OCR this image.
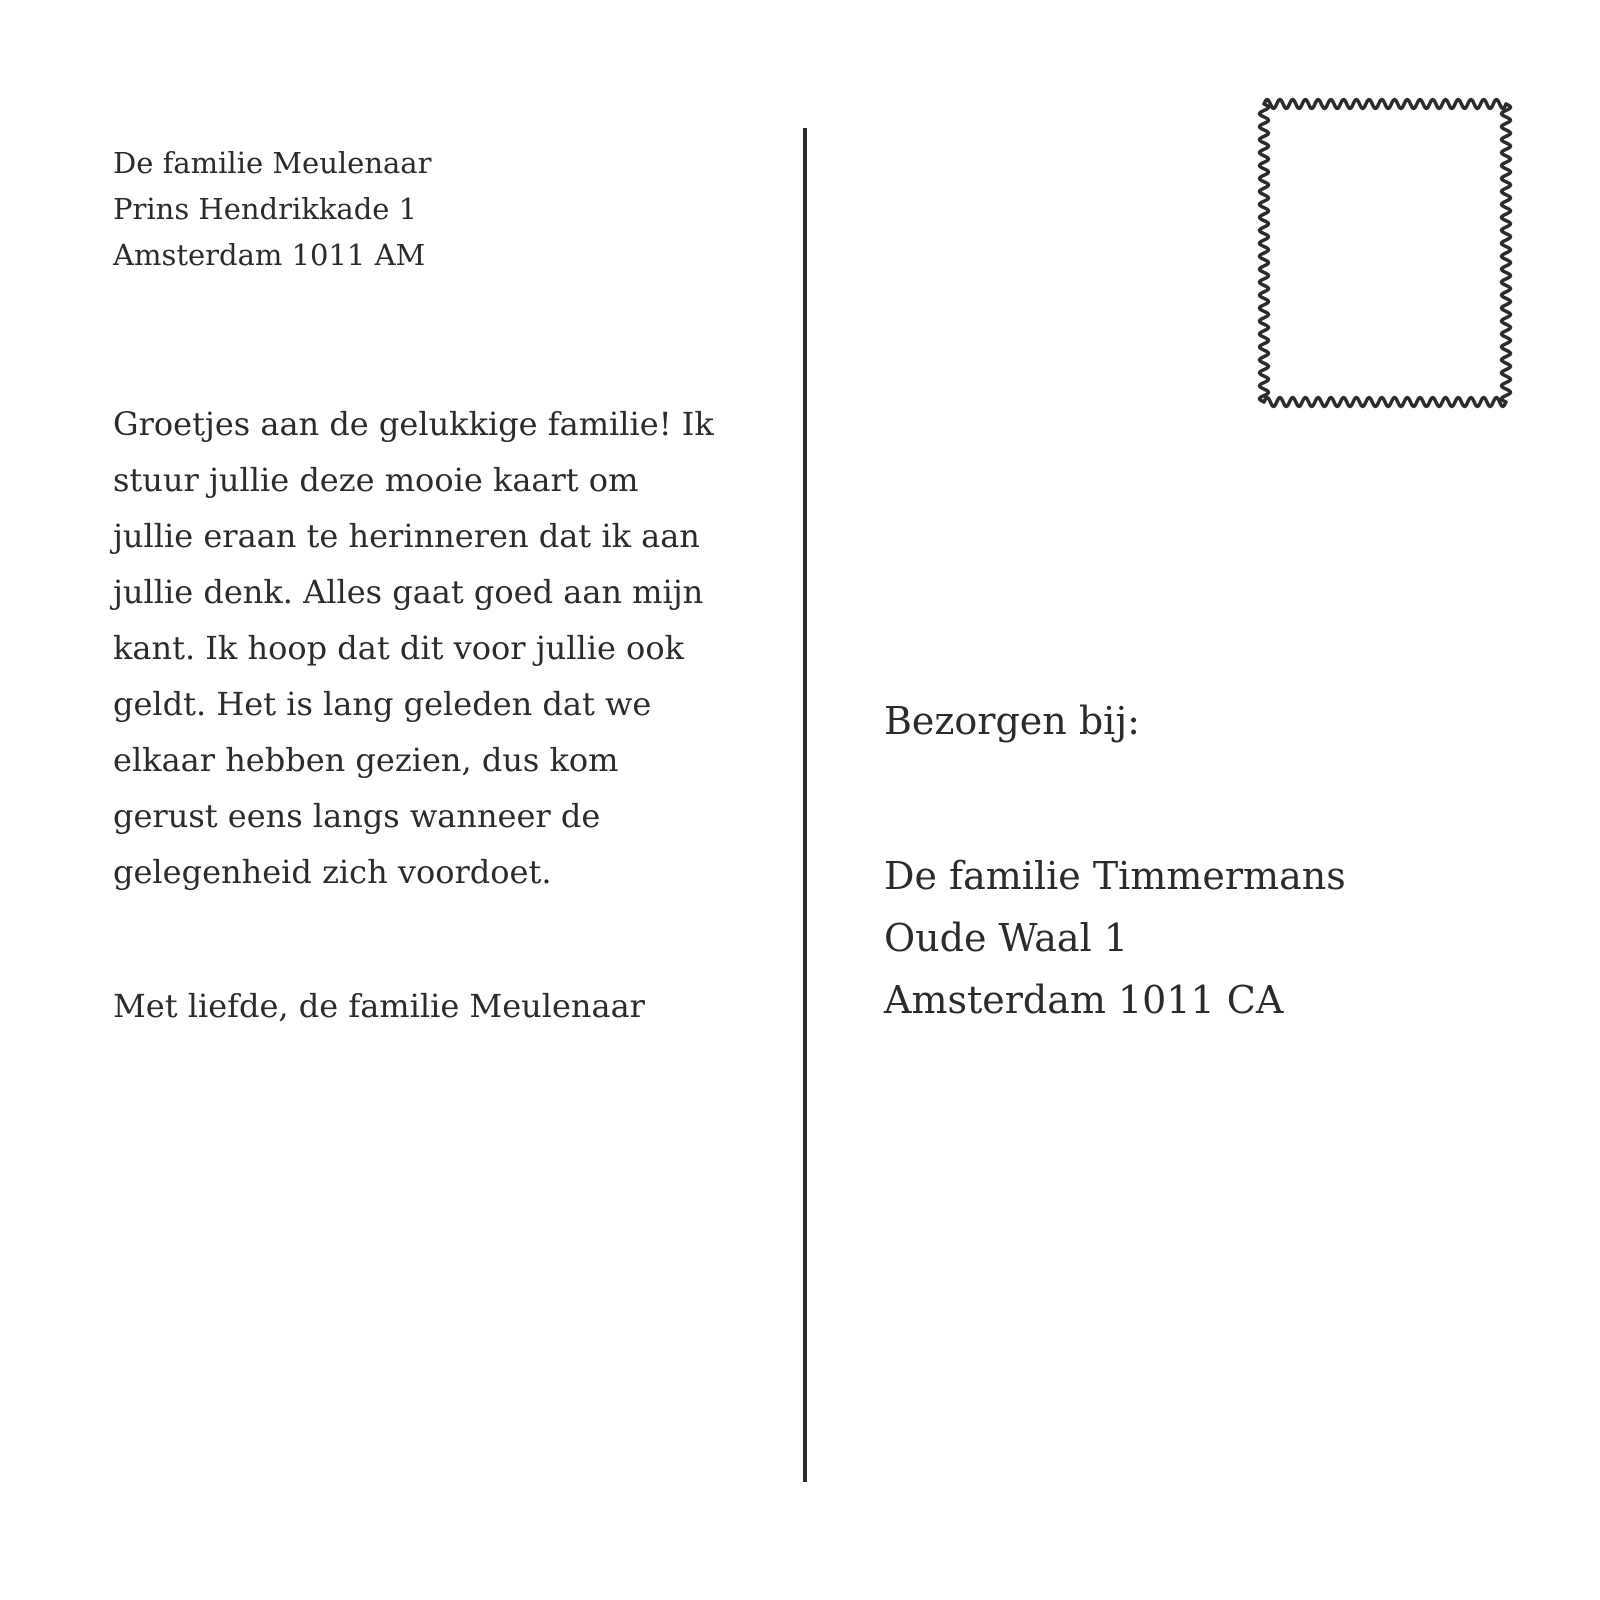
De familie Meulenaar
Prins Hendrikkade 1
Amsterdam 1011 AM
Groetjes aan de gelukkige familie! Ik
stuur jullie deze mooie kaart om
jullie eraan te herinneren dat ik aan
jullie denk. Alles gaat goed aan mijn
kant. Ik hoop dat dit voor jullie ook
geldt. Het is lang geleden dat we
elkaar hebben gezien, dus kom
gerust eens langs wanneer de
gelegenheid zich voordoet.
Met liefde, de familie Meulenaar
Bezorgen bij:
De familie Timmermans
Oude Waal 1
Amsterdam 1011 CA
